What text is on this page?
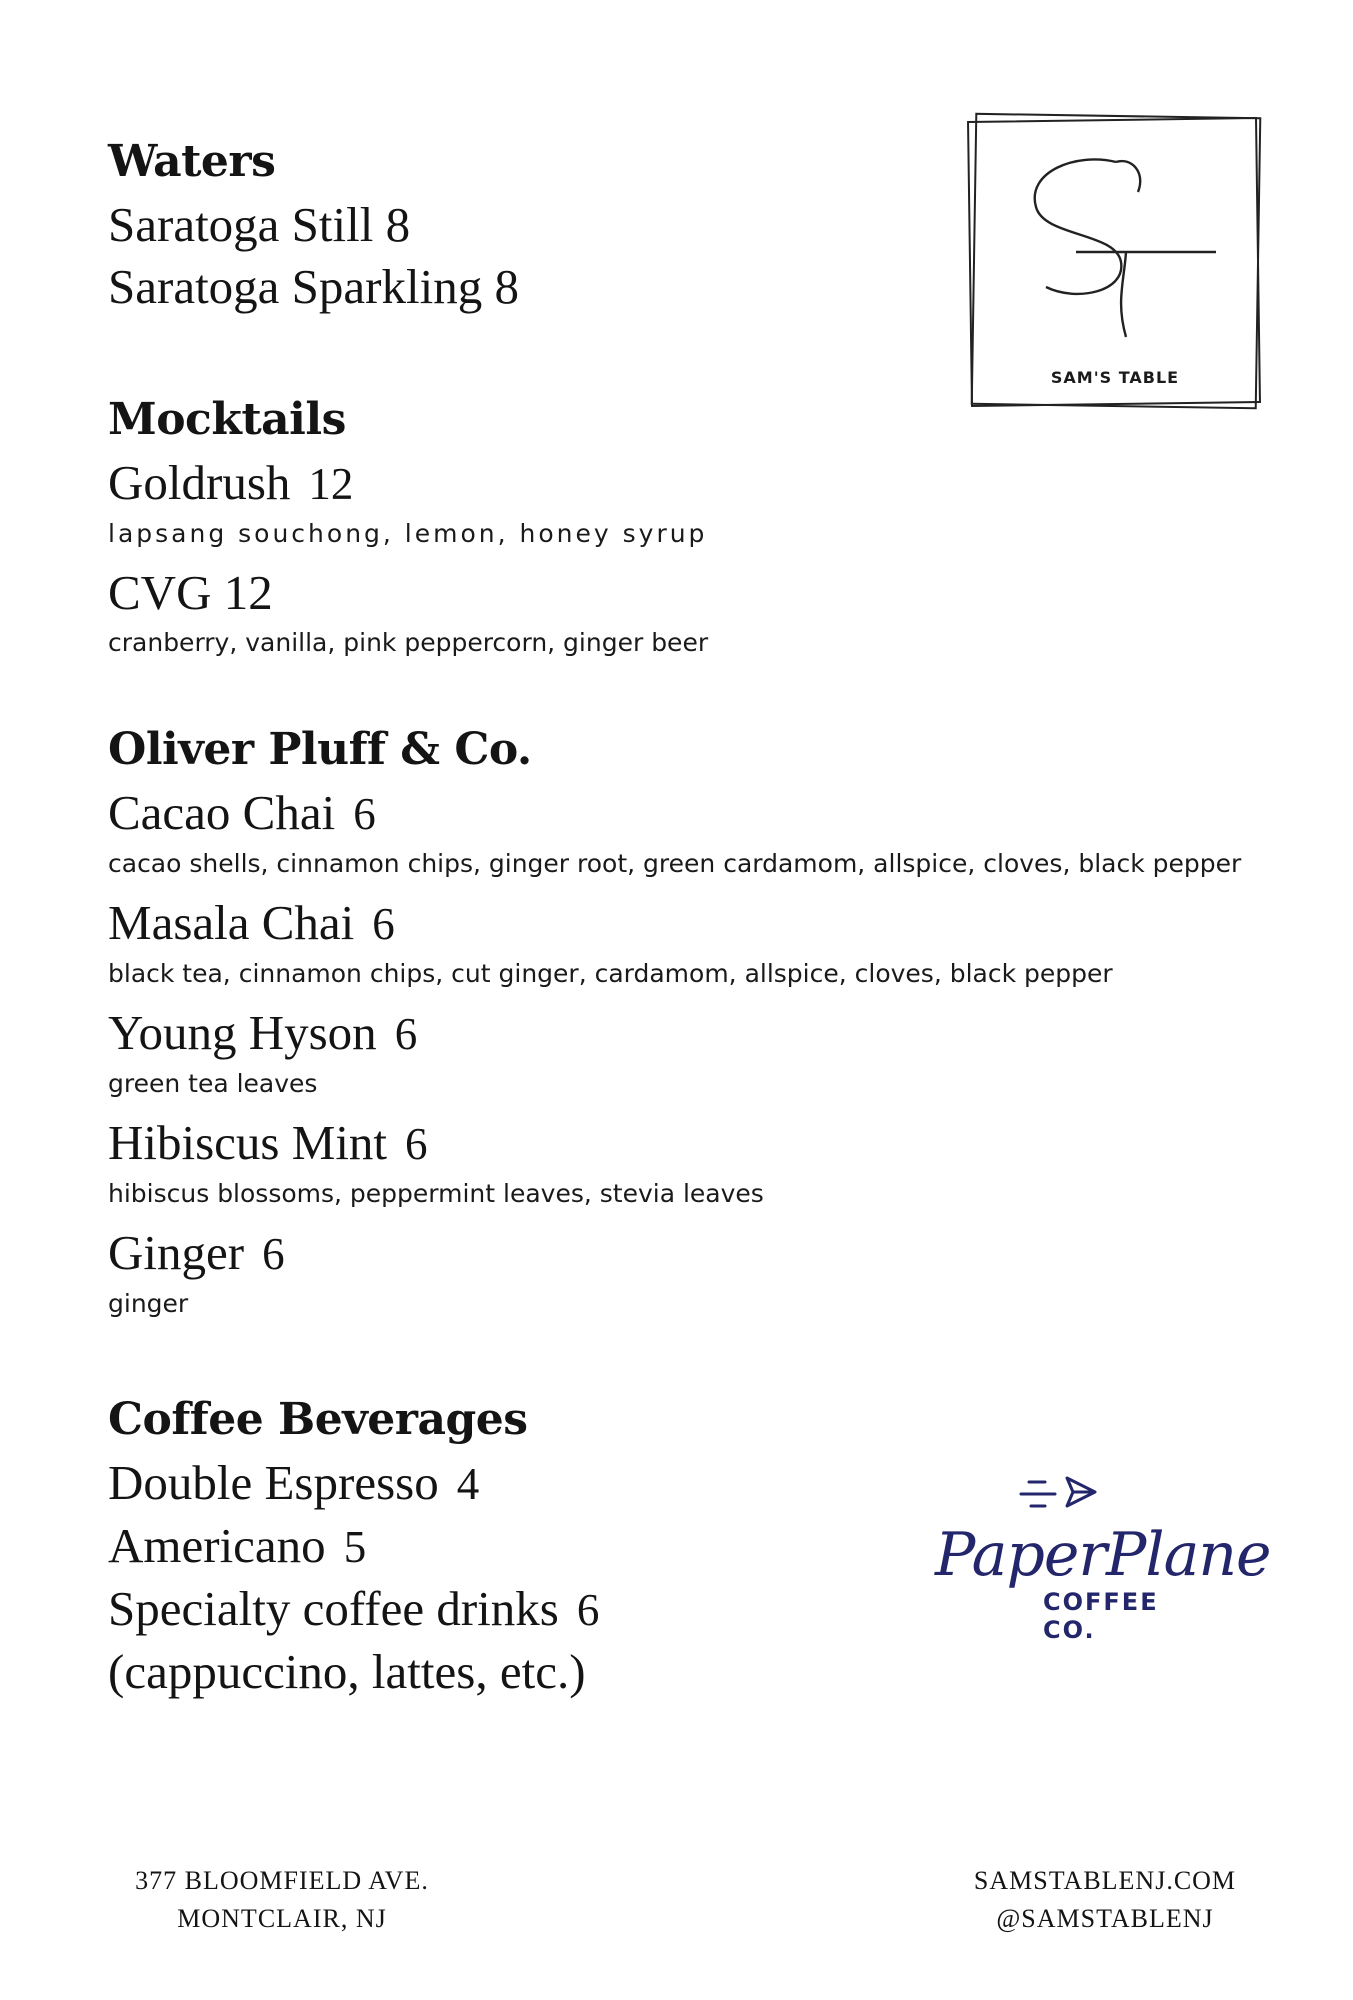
Waters

Saratoga Still 8

Saratoga Sparkling 8

Mocktails

Goldrush 12

lapsang souchong, lemon, honey syrup

CVG 12

cranberry, vanilla, pink peppercorn, ginger beer

Oliver Pluff & Co.

Cacao Chai 6

cacao shells, cinnamon chips, ginger root, green cardamom, allspice, cloves, black pepper

Masala Chai 6

black tea, cinnamon chips, cut ginger, cardamom, allspice, cloves, black pepper

Young Hyson 6

green tea leaves

Hibiscus Mint 6

hibiscus blossoms, peppermint leaves, stevia leaves

Ginger 6

ginger

Coffee Beverages

Double Espresso 4

Americano 5

Specialty coffee drinks 6

(cappuccino, lattes, etc.)

SAM'S TABLE
PaperPlane
COFFEE CO.
377 BLOOMFIELD AVE.
MONTCLAIR, NJ
SAMSTABLENJ.COM
@SAMSTABLENJ
